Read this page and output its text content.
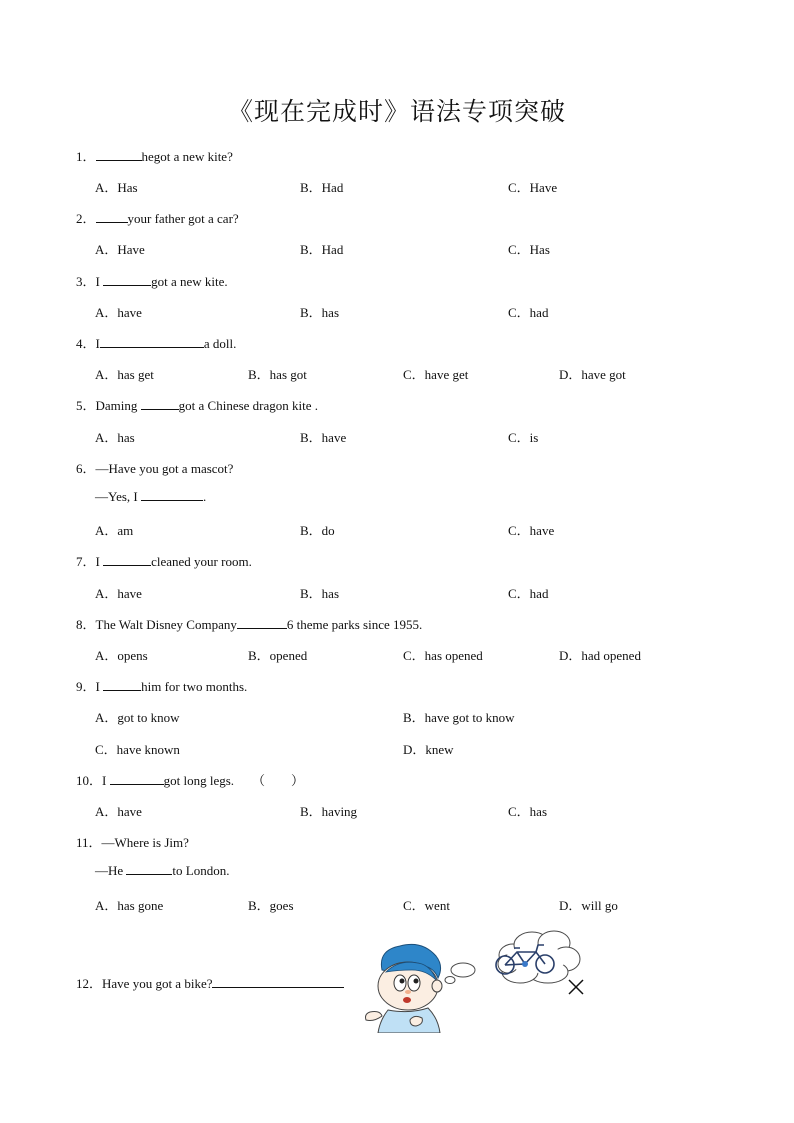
《现在完成时》语法专项突破
1．	hegot a new kite?
A．Has	B．Had	C．Have
2． your father got a car?
A．Have	B．Had	C．Has
3．I	got a new kite.
A．have	B．has	C．had
4．I	a doll.
A．has get	B．has got	C．have get	D．have got
5．Daming	got a Chinese dragon kite .
A．has	B．have	C．is
6．—Have you got a mascot?
—Yes, I	.
A．am	B．do	C．have
7．I	cleaned your room.
A．have	B．has	C．had
8．The Walt Disney Company	6 theme parks since 1955.
A．opens	B．opened	C．has opened	D．had opened
9．I	him for two months.
A．got to know	B．have got to know
C．have known	D．knew
10．I	got long legs. （　　）
A．have	B．having	C．has
11．—Where is Jim?
—He	to London.
A．has gone	B．goes	C．went	D．will go
12．Have you got a bike?
